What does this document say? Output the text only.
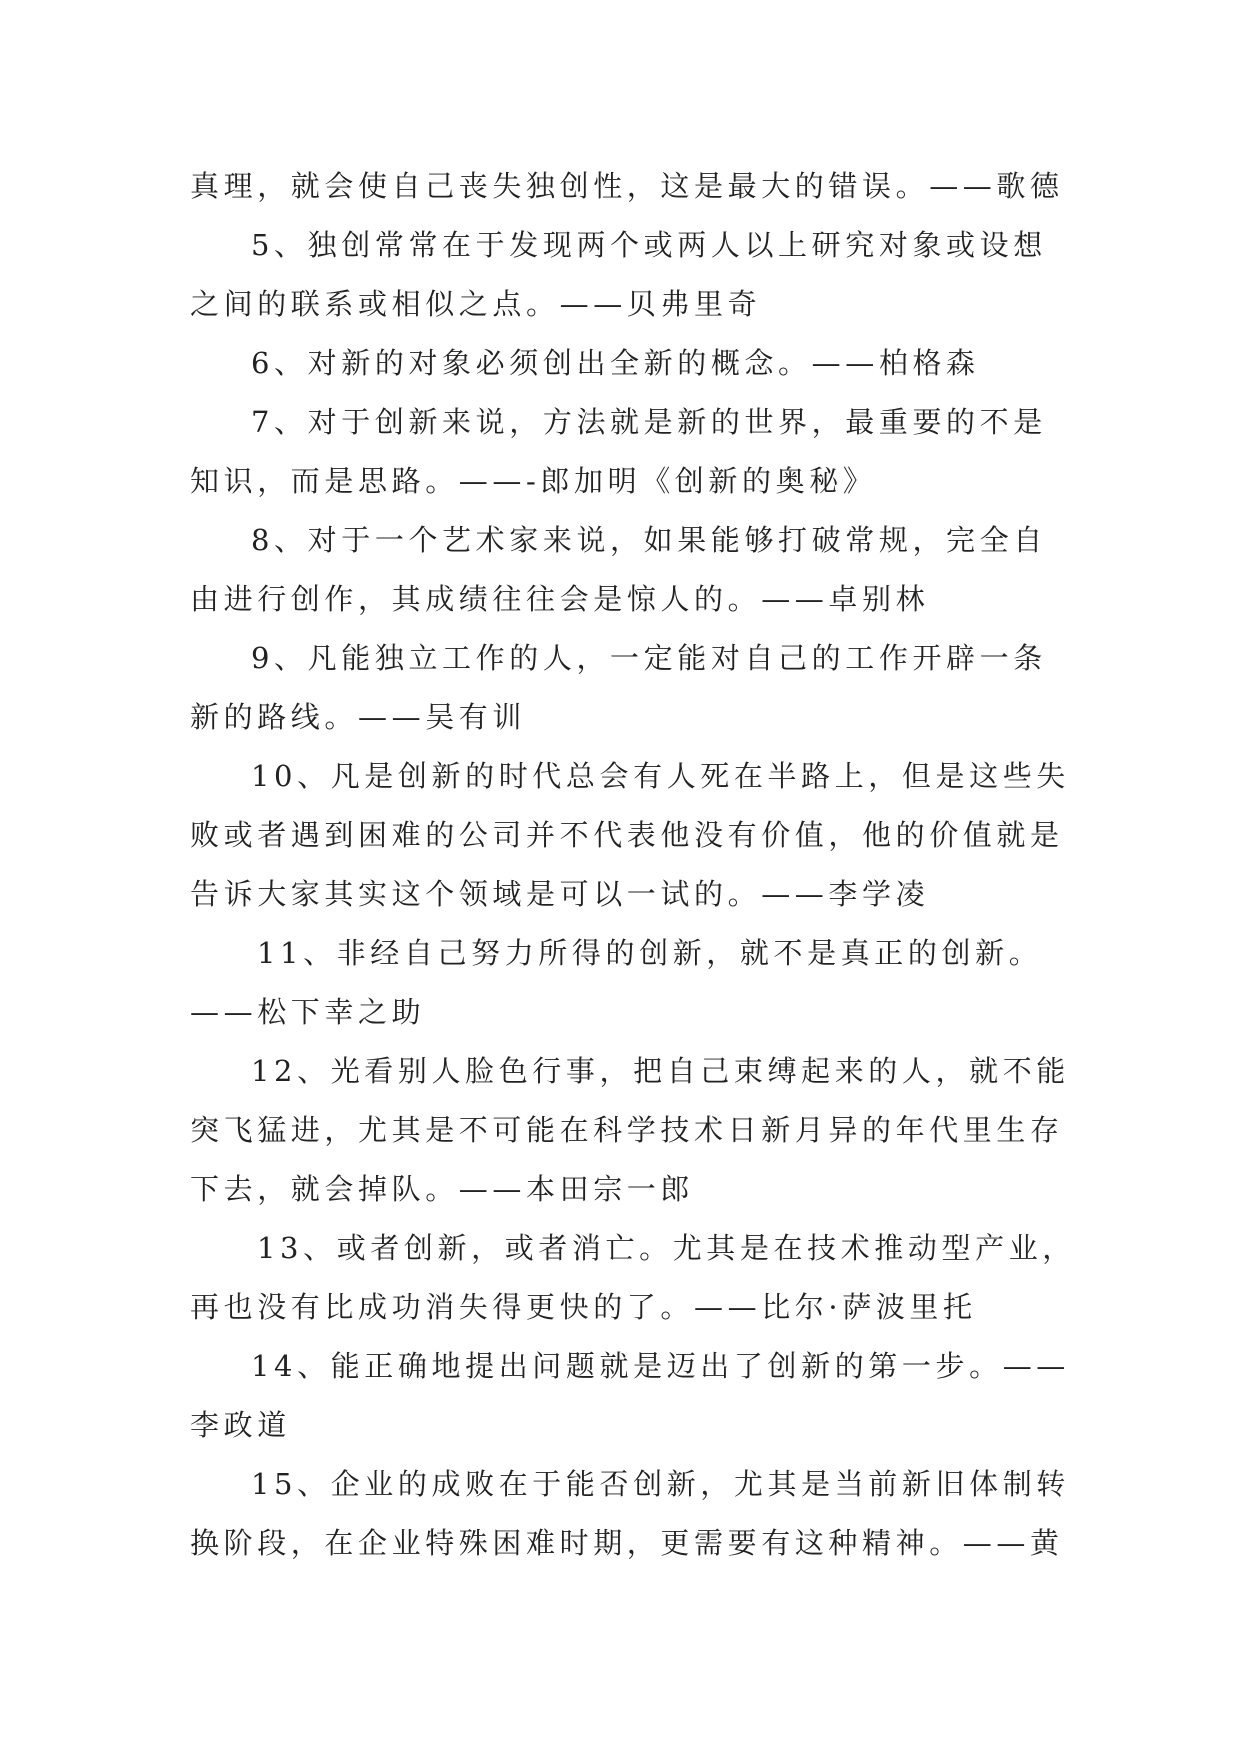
真理，就会使自己丧失独创性，这是最大的错误。——歌德
5、独创常常在于发现两个或两人以上研究对象或设想
之间的联系或相似之点。——贝弗里奇
6、对新的对象必须创出全新的概念。——柏格森
7、对于创新来说，方法就是新的世界，最重要的不是
知识，而是思路。——-郎加明《创新的奥秘》
8、对于一个艺术家来说，如果能够打破常规，完全自
由进行创作，其成绩往往会是惊人的。——卓别林
9、凡能独立工作的人，一定能对自己的工作开辟一条
新的路线。——吴有训
10、凡是创新的时代总会有人死在半路上，但是这些失
败或者遇到困难的公司并不代表他没有价值，他的价值就是
告诉大家其实这个领域是可以一试的。——李学凌
11、非经自己努力所得的创新，就不是真正的创新。
——松下幸之助
12、光看别人脸色行事，把自己束缚起来的人，就不能
突飞猛进，尤其是不可能在科学技术日新月异的年代里生存
下去，就会掉队。——本田宗一郎
13、或者创新，或者消亡。尤其是在技术推动型产业，
再也没有比成功消失得更快的了。——比尔·萨波里托
14、能正确地提出问题就是迈出了创新的第一步。——
李政道
15、企业的成败在于能否创新，尤其是当前新旧体制转
换阶段，在企业特殊困难时期，更需要有这种精神。——黄
